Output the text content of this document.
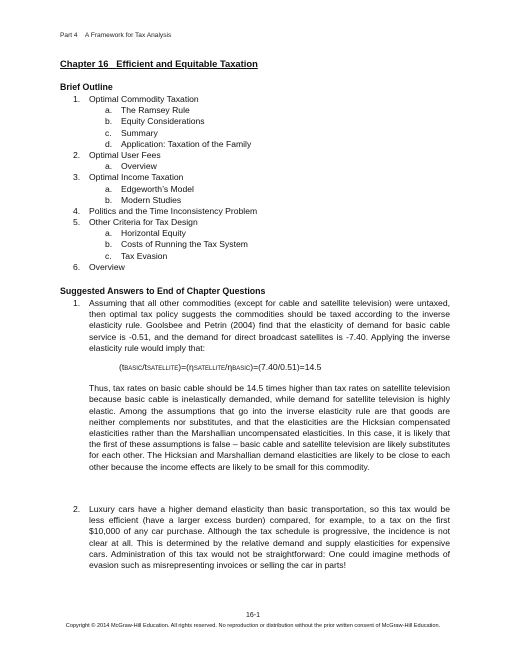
Part 4 A Framework for Tax Analysis
Chapter 16 Efficient and Equitable Taxation
Brief Outline
1. Optimal Commodity Taxation
a. The Ramsey Rule
b. Equity Considerations
c. Summary
d. Application: Taxation of the Family
2. Optimal User Fees
a. Overview
3. Optimal Income Taxation
a. Edgeworth’s Model
b. Modern Studies
4. Politics and the Time Inconsistency Problem
5. Other Criteria for Tax Design
a. Horizontal Equity
b. Costs of Running the Tax System
c. Tax Evasion
6. Overview
Suggested Answers to End of Chapter Questions
1. Assuming that all other commodities (except for cable and satellite television) were untaxed, then optimal tax policy suggests the commodities should be taxed according to the inverse elasticity rule. Goolsbee and Petrin (2004) find that the elasticity of demand for basic cable service is -0.51, and the demand for direct broadcast satellites is -7.40. Applying the inverse elasticity rule would imply that:

(tBASIC/tSATELLITE)=(ηSATELLITE/ηBASIC)=(7.40/0.51)=14.5

Thus, tax rates on basic cable should be 14.5 times higher than tax rates on satellite television because basic cable is inelastically demanded, while demand for satellite television is highly elastic. Among the assumptions that go into the inverse elasticity rule are that goods are neither complements nor substitutes, and that the elasticities are the Hicksian compensated elasticities rather than the Marshallian uncompensated elasticities. In this case, it is likely that the first of these assumptions is false – basic cable and satellite television are likely substitutes for each other. The Hicksian and Marshallian demand elasticities are likely to be close to each other because the income effects are likely to be small for this commodity.

2. Luxury cars have a higher demand elasticity than basic transportation, so this tax would be less efficient (have a larger excess burden) compared, for example, to a tax on the first $10,000 of any car purchase. Although the tax schedule is progressive, the incidence is not clear at all. This is determined by the relative demand and supply elasticities for expensive cars. Administration of this tax would not be straightforward: One could imagine methods of evasion such as misrepresenting invoices or selling the car in parts!

16-1
Copyright © 2014 McGraw-Hill Education. All rights reserved. No reproduction or distribution without the prior written consent of McGraw-Hill Education.
